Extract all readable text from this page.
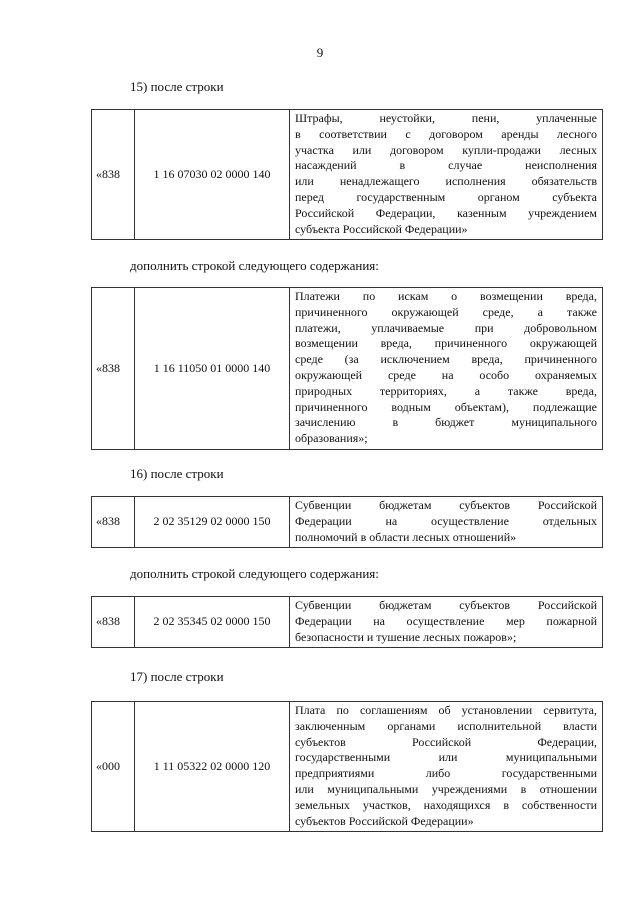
9
15) после строки
«838	1 16 07030 02 0000 140	
Штрафы, неустойки, пени, уплаченные
в соответствии с договором аренды лесного
участка или договором купли-продажи лесных
насаждений в случае неисполнения
или ненадлежащего исполнения обязательств
перед государственным органом субъекта
Российской Федерации, казенным учреждением
субъекта Российской Федерации»
дополнить строкой следующего содержания:
«838	1 16 11050 01 0000 140	
Платежи по искам о возмещении вреда,
причиненного окружающей среде, а также
платежи, уплачиваемые при добровольном
возмещении вреда, причиненного окружающей
среде (за исключением вреда, причиненного
окружающей среде на особо охраняемых
природных территориях, а также вреда,
причиненного водным объектам), подлежащие
зачислению в бюджет муниципального
образования»;
16) после строки
«838	2 02 35129 02 0000 150	
Субвенции бюджетам субъектов Российской
Федерации на осуществление отдельных
полномочий в области лесных отношений»
дополнить строкой следующего содержания:
«838	2 02 35345 02 0000 150	
Субвенции бюджетам субъектов Российской
Федерации на осуществление мер пожарной
безопасности и тушение лесных пожаров»;
17) после строки
«000	1 11 05322 02 0000 120	
Плата по соглашениям об установлении сервитута,
заключенным органами исполнительной власти
субъектов Российской Федерации,
государственными или муниципальными
предприятиями либо государственными
или муниципальными учреждениями в отношении
земельных участков, находящихся в собственности
субъектов Российской Федерации»
